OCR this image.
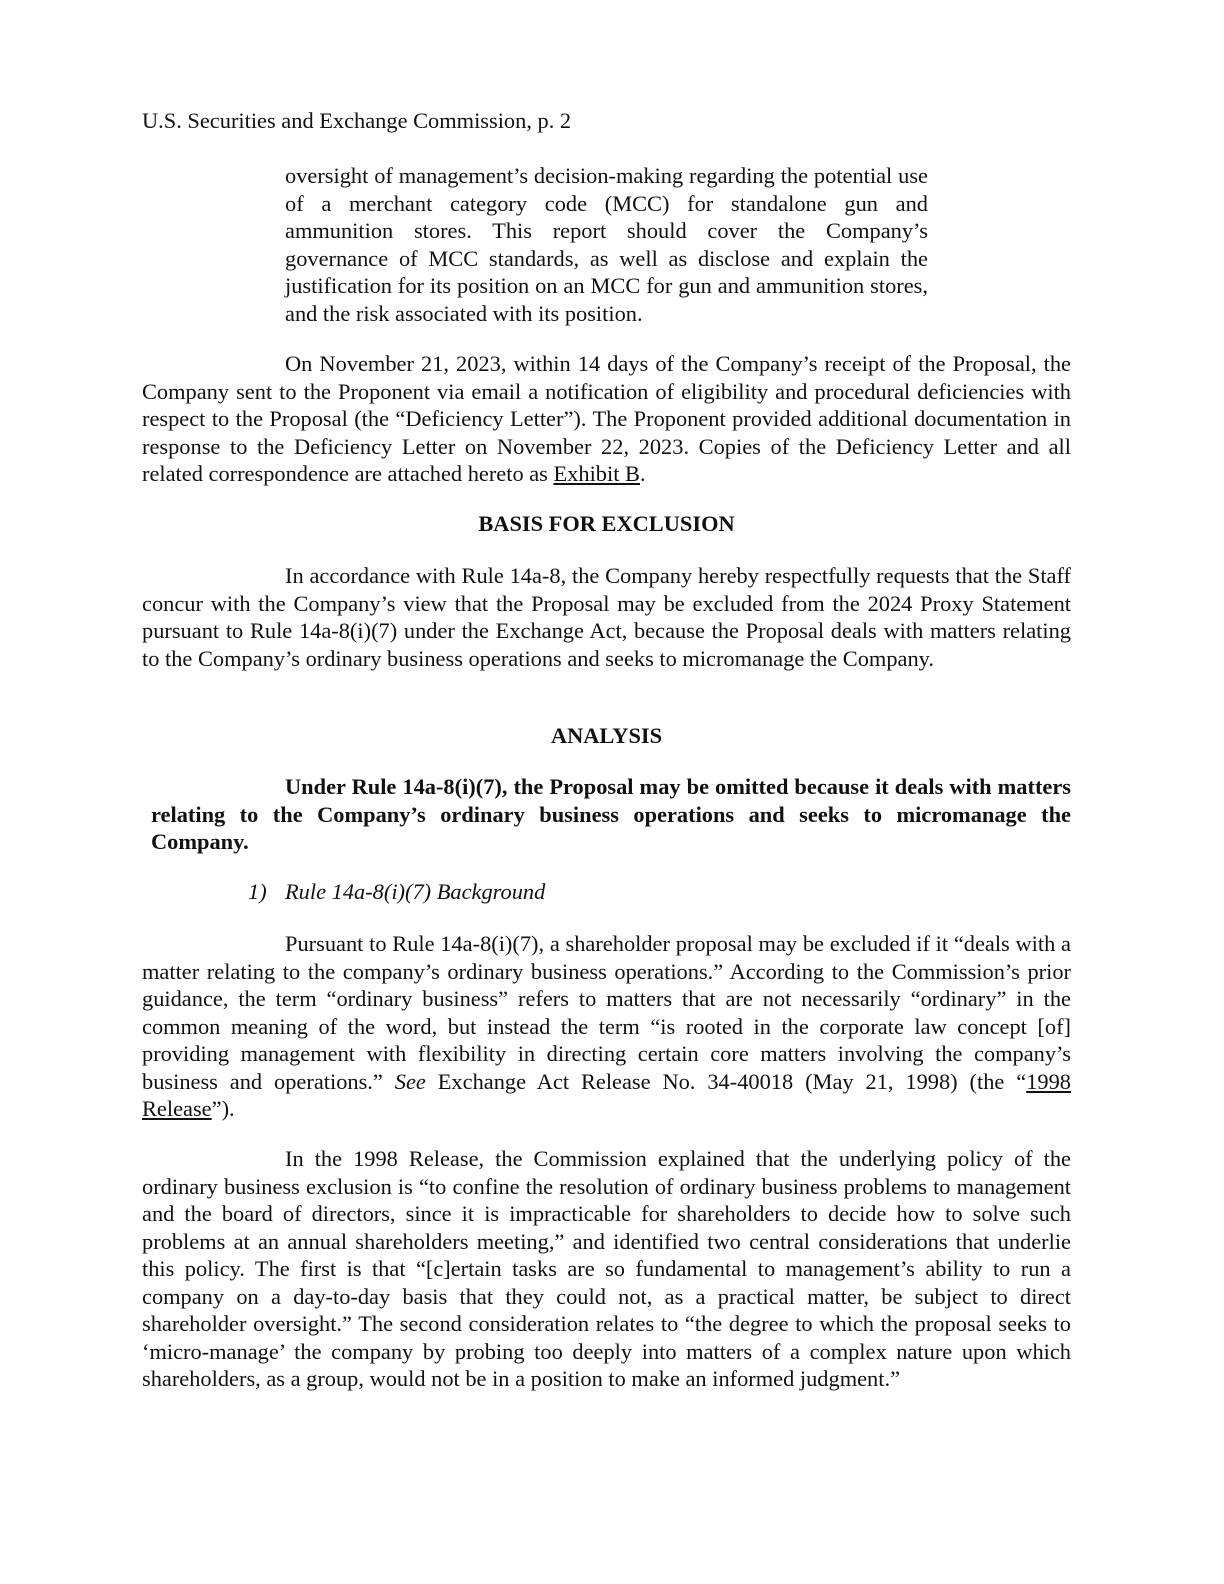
U.S. Securities and Exchange Commission, p. 2
oversight of management’s decision-making regarding the potential use of a merchant category code (MCC) for standalone gun and ammunition stores. This report should cover the Company’s governance of MCC standards, as well as disclose and explain the justification for its position on an MCC for gun and ammunition stores, and the risk associated with its position.
On November 21, 2023, within 14 days of the Company’s receipt of the Proposal, the Company sent to the Proponent via email a notification of eligibility and procedural deficiencies with respect to the Proposal (the “Deficiency Letter”). The Proponent provided additional documentation in response to the Deficiency Letter on November 22, 2023. Copies of the Deficiency Letter and all related correspondence are attached hereto as Exhibit B.
BASIS FOR EXCLUSION
In accordance with Rule 14a-8, the Company hereby respectfully requests that the Staff concur with the Company’s view that the Proposal may be excluded from the 2024 Proxy Statement pursuant to Rule 14a-8(i)(7) under the Exchange Act, because the Proposal deals with matters relating to the Company’s ordinary business operations and seeks to micromanage the Company.
ANALYSIS
Under Rule 14a-8(i)(7), the Proposal may be omitted because it deals with matters relating to the Company’s ordinary business operations and seeks to micromanage the Company.
1) Rule 14a-8(i)(7) Background
Pursuant to Rule 14a-8(i)(7), a shareholder proposal may be excluded if it “deals with a matter relating to the company’s ordinary business operations.” According to the Commission’s prior guidance, the term “ordinary business” refers to matters that are not necessarily “ordinary” in the common meaning of the word, but instead the term “is rooted in the corporate law concept [of] providing management with flexibility in directing certain core matters involving the company’s business and operations.” See Exchange Act Release No. 34-40018 (May 21, 1998) (the “1998 Release”).
In the 1998 Release, the Commission explained that the underlying policy of the ordinary business exclusion is “to confine the resolution of ordinary business problems to management and the board of directors, since it is impracticable for shareholders to decide how to solve such problems at an annual shareholders meeting,” and identified two central considerations that underlie this policy. The first is that “[c]ertain tasks are so fundamental to management’s ability to run a company on a day-to-day basis that they could not, as a practical matter, be subject to direct shareholder oversight.” The second consideration relates to “the degree to which the proposal seeks to ‘micro-manage’ the company by probing too deeply into matters of a complex nature upon which shareholders, as a group, would not be in a position to make an informed judgment.”
